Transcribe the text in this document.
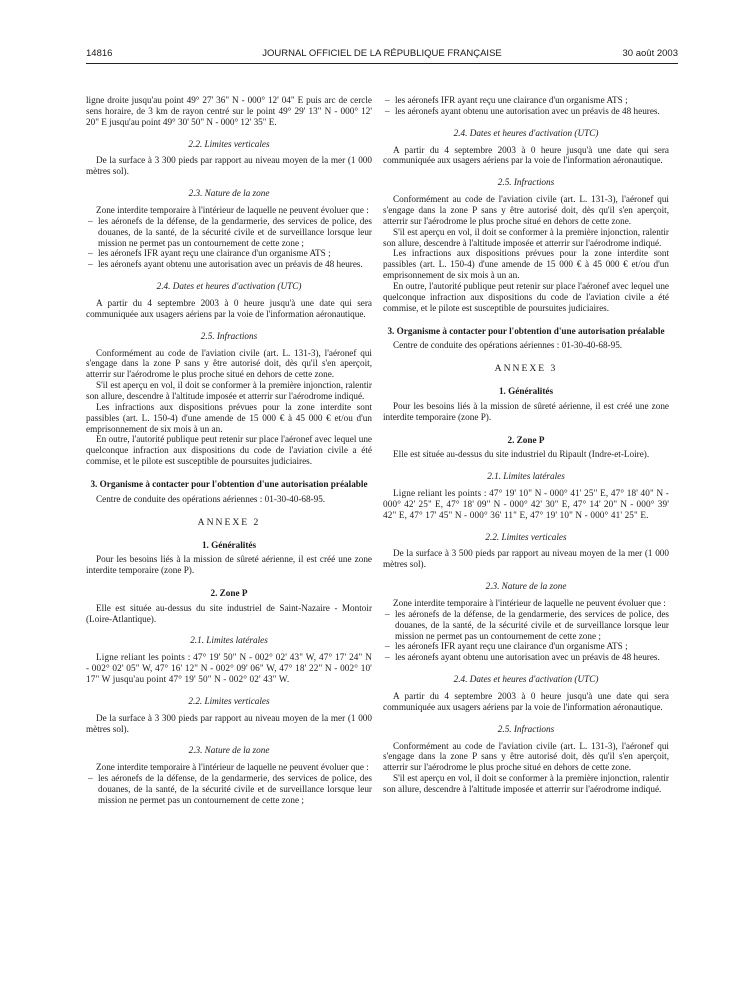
14816	JOURNAL OFFICIEL DE LA RÉPUBLIQUE FRANÇAISE	30 août 2003

ligne droite jusqu'au point 49° 27' 36" N - 000° 12' 04" E puis arc de cercle sens horaire, de 3 km de rayon centré sur le point 49° 29' 13" N - 000° 12' 20" E jusqu'au point 49° 30' 50" N - 000° 12' 35" E.

2.2. Limites verticales

De la surface à 3 300 pieds par rapport au niveau moyen de la mer (1 000 mètres sol).

2.3. Nature de la zone

Zone interdite temporaire à l'intérieur de laquelle ne peuvent évoluer que :

– les aéronefs de la défense, de la gendarmerie, des services de police, des douanes, de la santé, de la sécurité civile et de surveillance lorsque leur mission ne permet pas un contournement de cette zone ;
– les aéronefs IFR ayant reçu une clairance d'un organisme ATS ;
– les aéronefs ayant obtenu une autorisation avec un préavis de 48 heures.
2.4. Dates et heures d'activation (UTC)

A partir du 4 septembre 2003 à 0 heure jusqu'à une date qui sera communiquée aux usagers aériens par la voie de l'information aéronautique.

2.5. Infractions

Conformément au code de l'aviation civile (art. L. 131-3), l'aéronef qui s'engage dans la zone P sans y être autorisé doit, dès qu'il s'en aperçoit, atterrir sur l'aérodrome le plus proche situé en dehors de cette zone.

S'il est aperçu en vol, il doit se conformer à la première injonction, ralentir son allure, descendre à l'altitude imposée et atterrir sur l'aérodrome indiqué.

Les infractions aux dispositions prévues pour la zone interdite sont passibles (art. L. 150-4) d'une amende de 15 000 € à 45 000 € et/ou d'un emprisonnement de six mois à un an.

En outre, l'autorité publique peut retenir sur place l'aéronef avec lequel une quelconque infraction aux dispositions du code de l'aviation civile a été commise, et le pilote est susceptible de poursuites judiciaires.

3. Organisme à contacter pour l'obtention d'une autorisation préalable

Centre de conduite des opérations aériennes : 01-30-40-68-95.

ANNEXE 2
1. Généralités

Pour les besoins liés à la mission de sûreté aérienne, il est créé une zone interdite temporaire (zone P).

2. Zone P

Elle est située au-dessus du site industriel de Saint-Nazaire - Montoir (Loire-Atlantique).

2.1. Limites latérales

Ligne reliant les points : 47° 19' 50" N - 002° 02' 43" W, 47° 17' 24" N - 002° 02' 05" W, 47° 16' 12" N - 002° 09' 06" W, 47° 18' 22" N - 002° 10' 17" W jusqu'au point 47° 19' 50" N - 002° 02' 43" W.

2.2. Limites verticales

De la surface à 3 300 pieds par rapport au niveau moyen de la mer (1 000 mètres sol).

2.3. Nature de la zone

Zone interdite temporaire à l'intérieur de laquelle ne peuvent évoluer que :

– les aéronefs de la défense, de la gendarmerie, des services de police, des douanes, de la santé, de la sécurité civile et de surveillance lorsque leur mission ne permet pas un contournement de cette zone ;
– les aéronefs IFR ayant reçu une clairance d'un organisme ATS ;
– les aéronefs ayant obtenu une autorisation avec un préavis de 48 heures.
2.4. Dates et heures d'activation (UTC)

A partir du 4 septembre 2003 à 0 heure jusqu'à une date qui sera communiquée aux usagers aériens par la voie de l'information aéronautique.

2.5. Infractions

Conformément au code de l'aviation civile (art. L. 131-3), l'aéronef qui s'engage dans la zone P sans y être autorisé doit, dès qu'il s'en aperçoit, atterrir sur l'aérodrome le plus proche situé en dehors de cette zone.

S'il est aperçu en vol, il doit se conformer à la première injonction, ralentir son allure, descendre à l'altitude imposée et atterrir sur l'aérodrome indiqué.

Les infractions aux dispositions prévues pour la zone interdite sont passibles (art. L. 150-4) d'une amende de 15 000 € à 45 000 € et/ou d'un emprisonnement de six mois à un an.

En outre, l'autorité publique peut retenir sur place l'aéronef avec lequel une quelconque infraction aux dispositions du code de l'aviation civile a été commise, et le pilote est susceptible de poursuites judiciaires.

3. Organisme à contacter pour l'obtention d'une autorisation préalable

Centre de conduite des opérations aériennes : 01-30-40-68-95.

ANNEXE 3
1. Généralités

Pour les besoins liés à la mission de sûreté aérienne, il est créé une zone interdite temporaire (zone P).

2. Zone P

Elle est située au-dessus du site industriel du Ripault (Indre-et-Loire).

2.1. Limites latérales

Ligne reliant les points : 47° 19' 10" N - 000° 41' 25" E, 47° 18' 40" N - 000° 42' 25" E, 47° 18' 09" N - 000° 42' 30" E, 47° 14' 20" N - 000° 39' 42" E, 47° 17' 45" N - 000° 36' 11" E, 47° 19' 10" N - 000° 41' 25" E.

2.2. Limites verticales

De la surface à 3 500 pieds par rapport au niveau moyen de la mer (1 000 mètres sol).

2.3. Nature de la zone

Zone interdite temporaire à l'intérieur de laquelle ne peuvent évoluer que :

– les aéronefs de la défense, de la gendarmerie, des services de police, des douanes, de la santé, de la sécurité civile et de surveillance lorsque leur mission ne permet pas un contournement de cette zone ;
– les aéronefs IFR ayant reçu une clairance d'un organisme ATS ;
– les aéronefs ayant obtenu une autorisation avec un préavis de 48 heures.
2.4. Dates et heures d'activation (UTC)

A partir du 4 septembre 2003 à 0 heure jusqu'à une date qui sera communiquée aux usagers aériens par la voie de l'information aéronautique.

2.5. Infractions

Conformément au code de l'aviation civile (art. L. 131-3), l'aéronef qui s'engage dans la zone P sans y être autorisé doit, dès qu'il s'en aperçoit, atterrir sur l'aérodrome le plus proche situé en dehors de cette zone.

S'il est aperçu en vol, il doit se conformer à la première injonction, ralentir son allure, descendre à l'altitude imposée et atterrir sur l'aérodrome indiqué.
